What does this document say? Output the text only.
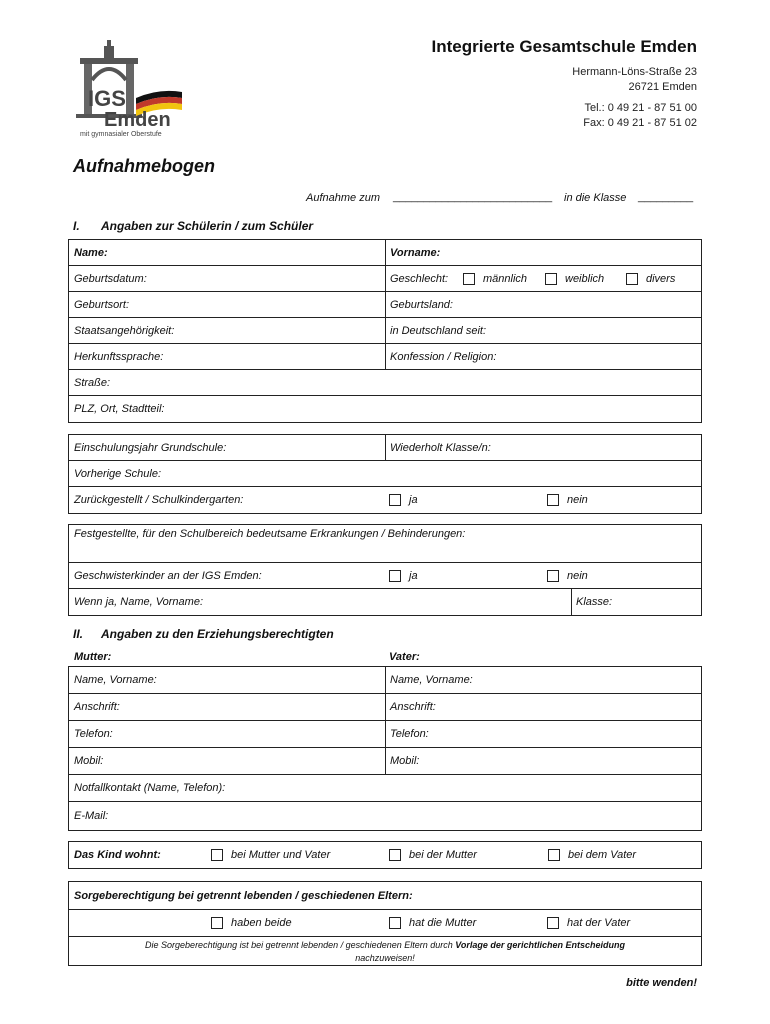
IGS
Emden
mit gymnasialer Oberstufe
Integrierte Gesamtschule Emden
Hermann-Löns-Straße 23
26721 Emden
Tel.: 0 49 21 - 87 51 00
Fax: 0 49 21 - 87 51 02
Aufnahmebogen
Aufnahme zum __________________________ in die Klasse _________
I. Angaben zur Schülerin / zum Schüler
Name:	Vorname:
Geburtsdatum:	Geschlecht:	männlich	weiblich	divers
Geburtsort:	Geburtsland:
Staatsangehörigkeit:	in Deutschland seit:
Herkunftssprache:	Konfession / Religion:
Straße:
PLZ, Ort, Stadtteil:
Einschulungsjahr Grundschule:	Wiederholt Klasse/n:
Vorherige Schule:
Zurückgestellt / Schulkindergarten:	ja	nein
Festgestellte, für den Schulbereich bedeutsame Erkrankungen / Behinderungen:
Geschwisterkinder an der IGS Emden:	ja	nein
Wenn ja, Name, Vorname:	Klasse:
II. Angaben zu den Erziehungsberechtigten
Mutter:	Vater:
Name, Vorname:	Name, Vorname:
Anschrift:	Anschrift:
Telefon:	Telefon:
Mobil:	Mobil:
Notfallkontakt (Name, Telefon):
E-Mail:
Das Kind wohnt:	bei Mutter und Vater	bei der Mutter	bei dem Vater
Sorgeberechtigung bei getrennt lebenden / geschiedenen Eltern:
haben beide	hat die Mutter	hat der Vater
Die Sorgeberechtigung ist bei getrennt lebenden / geschiedenen Eltern durch Vorlage der gerichtlichen Entscheidung
nachzuweisen!
bitte wenden!
